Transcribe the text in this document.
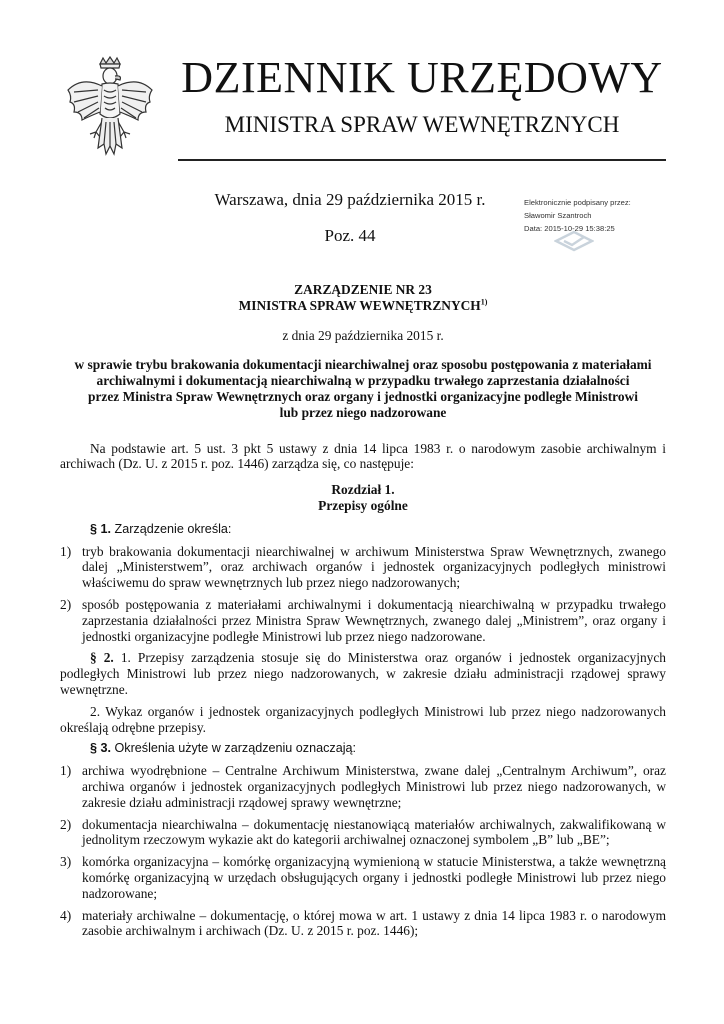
DZIENNIK URZĘDOWY
MINISTRA SPRAW WEWNĘTRZNYCH
Warszawa, dnia 29 października 2015 r.
Poz. 44
Elektronicznie podpisany przez:
Sławomir Szantroch
Data: 2015-10-29 15:38:25

ZARZĄDZENIE NR 23

MINISTRA SPRAW WEWNĘTRZNYCH$^{1)}$

z dnia 29 października 2015 r.

w sprawie trybu brakowania dokumentacji niearchiwalnej oraz sposobu postępowania z materiałami

archiwalnymi i dokumentacją niearchiwalną w przypadku trwałego zaprzestania działalności

przez Ministra Spraw Wewnętrznych oraz organy i jednostki organizacyjne podległe Ministrowi

lub przez niego nadzorowane

Na podstawie art. 5 ust. 3 pkt 5 ustawy z dnia 14 lipca 1983 r. o narodowym zasobie archiwalnym i archiwach (Dz. U. z 2015 r. poz. 1446) zarządza się, co następuje:

Rozdział 1.

Przepisy ogólne

§ 1. Zarządzenie określa:

1) tryb brakowania dokumentacji niearchiwalnej w archiwum Ministerstwa Spraw Wewnętrznych, zwanego dalej „Ministerstwem”, oraz archiwach organów i jednostek organizacyjnych podległych ministrowi właściwemu do spraw wewnętrznych lub przez niego nadzorowanych;
2) sposób postępowania z materiałami archiwalnymi i dokumentacją niearchiwalną w przypadku trwałego zaprzestania działalności przez Ministra Spraw Wewnętrznych, zwanego dalej „Ministrem”, oraz organy i jednostki organizacyjne podległe Ministrowi lub przez niego nadzorowane.

§ 2. 1. Przepisy zarządzenia stosuje się do Ministerstwa oraz organów i jednostek organizacyjnych podległych Ministrowi lub przez niego nadzorowanych, w zakresie działu administracji rządowej sprawy wewnętrzne.

2. Wykaz organów i jednostek organizacyjnych podległych Ministrowi lub przez niego nadzorowanych określają odrębne przepisy.

§ 3. Określenia użyte w zarządzeniu oznaczają:

1) archiwa wyodrębnione – Centralne Archiwum Ministerstwa, zwane dalej „Centralnym Archiwum”, oraz archiwa organów i jednostek organizacyjnych podległych Ministrowi lub przez niego nadzorowanych, w zakresie działu administracji rządowej sprawy wewnętrzne;
2) dokumentacja niearchiwalna – dokumentację niestanowiącą materiałów archiwalnych, zakwalifikowaną w jednolitym rzeczowym wykazie akt do kategorii archiwalnej oznaczonej symbolem „B” lub „BE”;
3) komórka organizacyjna – komórkę organizacyjną wymienioną w statucie Ministerstwa, a także wewnętrzną komórkę organizacyjną w urzędach obsługujących organy i jednostki podległe Ministrowi lub przez niego nadzorowane;
4) materiały archiwalne – dokumentację, o której mowa w art. 1 ustawy z dnia 14 lipca 1983 r. o narodowym zasobie archiwalnym i archiwach (Dz. U. z 2015 r. poz. 1446);
